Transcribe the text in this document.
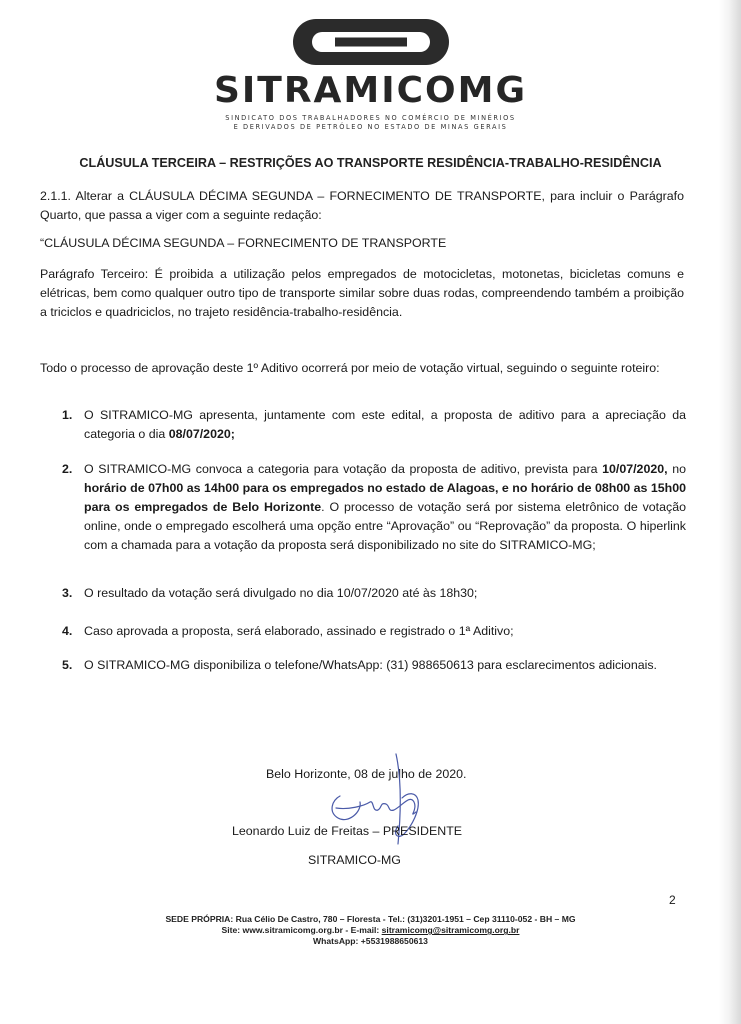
SITRAMICOMG
SINDICATO DOS TRABALHADORES NO COMÉRCIO DE MINÉRIOS
E DERIVADOS DE PETRÓLEO NO ESTADO DE MINAS GERAIS
CLÁUSULA TERCEIRA – RESTRIÇÕES AO TRANSPORTE RESIDÊNCIA-TRABALHO-RESIDÊNCIA
2.1.1. Alterar a CLÁUSULA DÉCIMA SEGUNDA – FORNECIMENTO DE TRANSPORTE, para incluir o Parágrafo Quarto, que passa a viger com a seguinte redação:
“CLÁUSULA DÉCIMA SEGUNDA – FORNECIMENTO DE TRANSPORTE
Parágrafo Terceiro: É proibida a utilização pelos empregados de motocicletas, motonetas, bicicletas comuns e elétricas, bem como qualquer outro tipo de transporte similar sobre duas rodas, compreendendo também a proibição a triciclos e quadriciclos, no trajeto residência-trabalho-residência.
Todo o processo de aprovação deste 1º Aditivo ocorrerá por meio de votação virtual, seguindo o seguinte roteiro:
1. O SITRAMICO-MG apresenta, juntamente com este edital, a proposta de aditivo para a apreciação da categoria o dia 08/07/2020;
2. O SITRAMICO-MG convoca a categoria para votação da proposta de aditivo, prevista para 10/07/2020, no horário de 07h00 as 14h00 para os empregados no estado de Alagoas, e no horário de 08h00 as 15h00 para os empregados de Belo Horizonte. O processo de votação será por sistema eletrônico de votação online, onde o empregado escolherá uma opção entre “Aprovação” ou “Reprovação” da proposta. O hiperlink com a chamada para a votação da proposta será disponibilizado no site do SITRAMICO-MG;
3. O resultado da votação será divulgado no dia 10/07/2020 até às 18h30;
4. Caso aprovada a proposta, será elaborado, assinado e registrado o 1ª Aditivo;
5. O SITRAMICO-MG disponibiliza o telefone/WhatsApp: (31) 988650613 para esclarecimentos adicionais.
Belo Horizonte, 08 de julho de 2020.
Leonardo Luiz de Freitas – PRESIDENTE
SITRAMICO-MG
2
SEDE PRÓPRIA: Rua Célio De Castro, 780 – Floresta - Tel.: (31)3201-1951 – Cep 31110-052 - BH – MG
Site: www.sitramicomg.org.br - E-mail: sitramicomg@sitramicomg.org.br
WhatsApp: +5531988650613
